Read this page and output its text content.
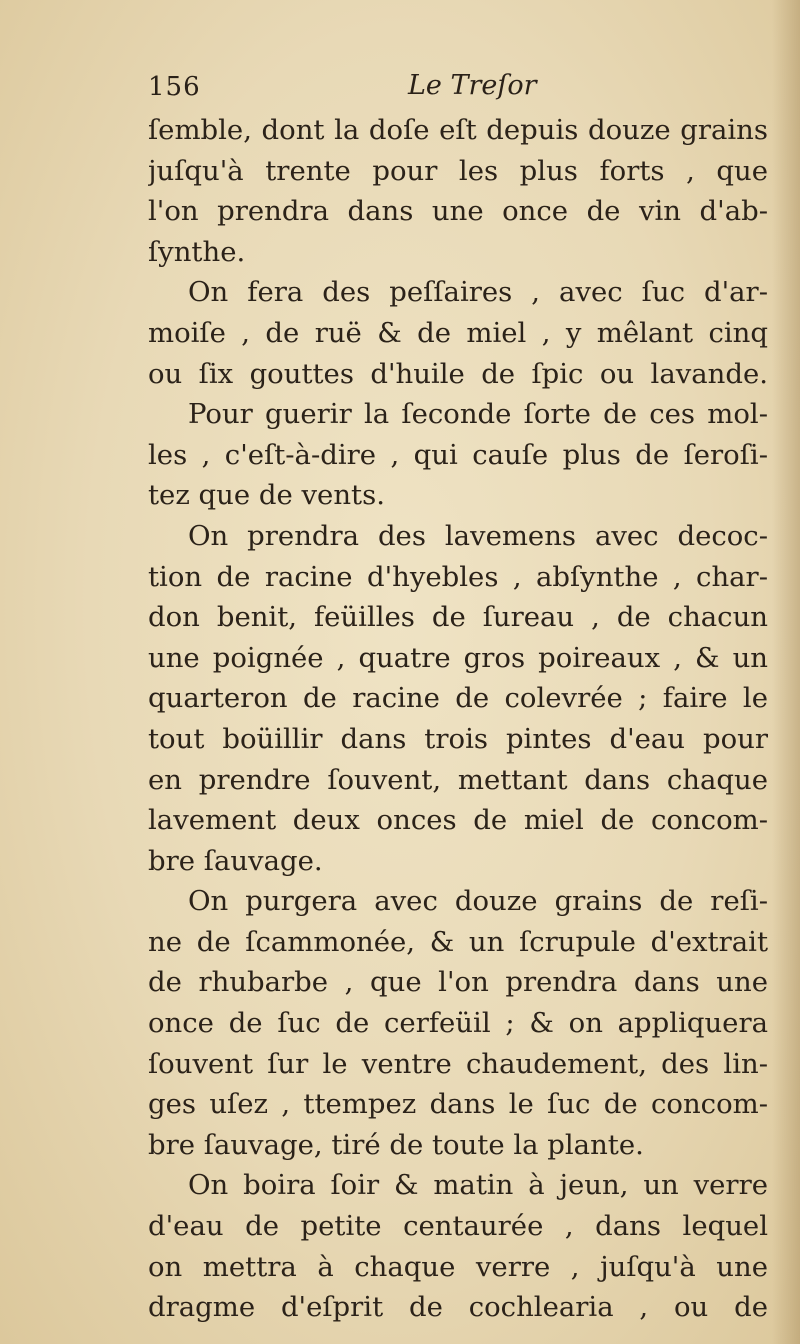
156	Le Treſor
ſemble, dont la doſe eſt depuis douze grains
juſqu'à trente pour les plus forts , que
l'on prendra dans une once de vin d'ab-
ſynthe.
On fera des peſſaires , avec ſuc d'ar-
moiſe , de ruë & de miel , y mêlant cinq
ou ſix gouttes d'huile de ſpic ou lavande.
Pour guerir la ſeconde ſorte de ces mol-
les , c'eſt-à-dire , qui cauſe plus de ſeroſi-
tez que de vents.
On prendra des lavemens avec decoc-
tion de racine d'hyebles , abſynthe , char-
don benit, feüilles de ſureau , de chacun
une poignée , quatre gros poireaux , & un
quarteron de racine de colevrée ; faire le
tout boüillir dans trois pintes d'eau pour
en prendre ſouvent, mettant dans chaque
lavement deux onces de miel de concom-
bre ſauvage.
On purgera avec douze grains de reſi-
ne de ſcammonée, & un ſcrupule d'extrait
de rhubarbe , que l'on prendra dans une
once de ſuc de cerfeüil ; & on appliquera
ſouvent ſur le ventre chaudement, des lin-
ges uſez , ttempez dans le ſuc de concom-
bre ſauvage, tiré de toute la plante.
On boira ſoir & matin à jeun, un verre
d'eau de petite centaurée , dans lequel
on mettra à chaque verre , juſqu'à une
dragme d'eſprit de cochlearia , ou de
